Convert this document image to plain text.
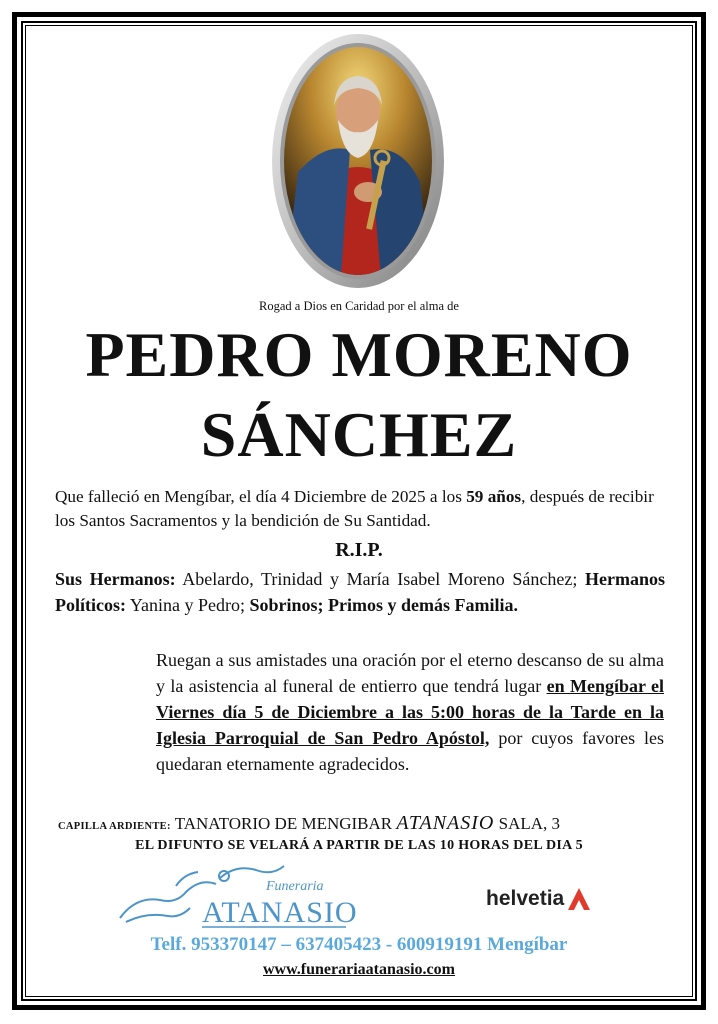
Rogad a Dios en Caridad por el alma de
PEDRO MORENO
SÁNCHEZ
Que falleció en Mengíbar, el día 4 Diciembre de 2025 a los 59 años, después de recibir los Santos Sacramentos y la bendición de Su Santidad.
R.I.P.
Sus Hermanos: Abelardo, Trinidad y María Isabel Moreno Sánchez; Hermanos Políticos: Yanina y Pedro; Sobrinos; Primos y demás Familia.
Ruegan a sus amistades una oración por el eterno descanso de su alma y la asistencia al funeral de entierro que tendrá lugar en Mengíbar el Viernes día 5 de Diciembre a las 5:00 horas de la Tarde en la Iglesia Parroquial de San Pedro Apóstol, por cuyos favores les quedaran eternamente agradecidos.
CAPILLA ARDIENTE: TANATORIO DE MENGIBAR ATANASIO SALA, 3
EL DIFUNTO SE VELARÁ A PARTIR DE LAS 10 HORAS DEL DIA 5
Funeraria
ATANASIO	helvetia
Telf. 953370147 – 637405423 - 600919191 Mengíbar
www.funerariaatanasio.com
